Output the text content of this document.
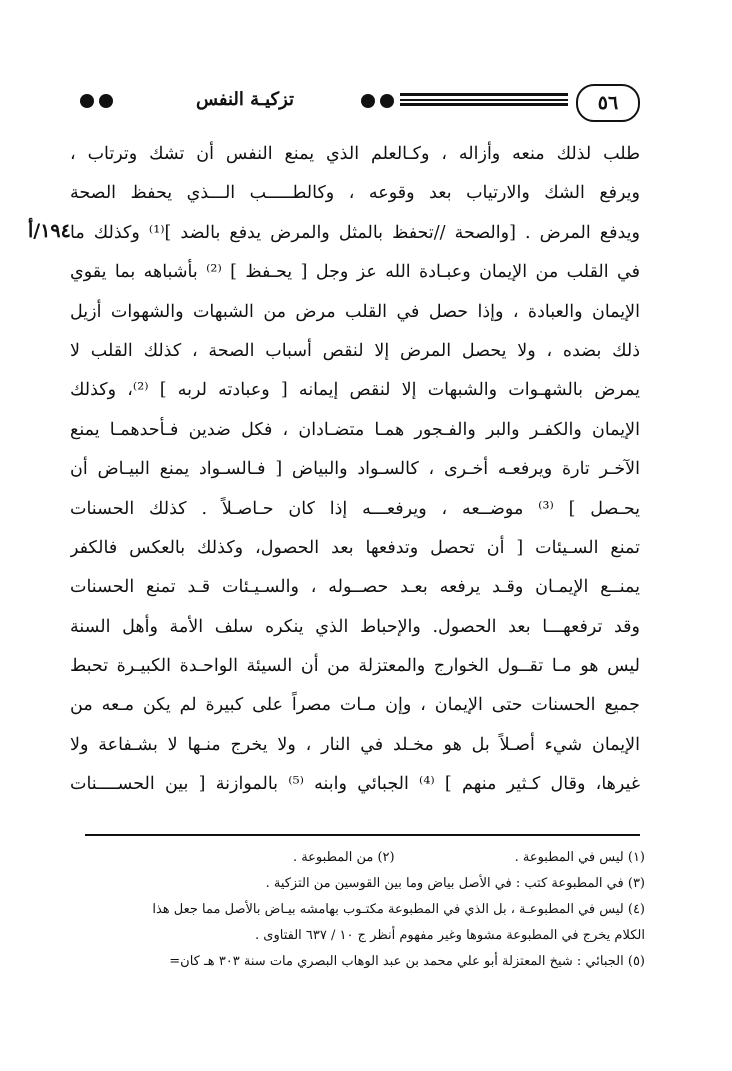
٥٦
تزكيـة النفس
١٩٤/أ
طلب لذلك منعه وأزاله ، وكـالعلم الذي يمنع النفس أن تشك وترتاب ،
ويرفع الشك والارتياب بعد وقوعه ، وكالطـــــب الـــذي يحفظ الصحة
ويدفع المرض . [والصحة //تحفظ بالمثل والمرض يدفع بالضد ]⁽¹⁾ وكذلك ما
في القلب من الإيمان وعبـادة الله عز وجل [ يحـفظ ] ⁽²⁾ بأشباهه بما يقوي
الإيمان والعبادة ، وإذا حصل في القلب مرض من الشبهات والشهوات أزيل
ذلك بضده ، ولا يحصل المرض إلا لنقص أسباب الصحة ، كذلك القلب لا
يمرض بالشهـوات والشبهات إلا لنقص إيمانه [ وعبادته لربه ] ⁽²⁾، وكذلك
الإيمان والكفـر والبر والفـجور همـا متضـادان ، فكل ضدين فـأحدهمـا يمنع
الآخـر تارة ويرفعـه أخـرى ، كالسـواد والبياض [ فـالسـواد يمنع البيـاض أن
يحـصل ] ⁽³⁾ موضــعه ، ويرفعـــه إذا كان حـاصـلاً . كذلك الحسنات
تمنع السـيئات [ أن تحصل وتدفعها بعد الحصول، وكذلك بالعكس فالكفر
يمنــع الإيمـان وقـد يرفعه بعـد حصــوله ، والسـيـئات قـد تمنع الحسنات
وقد ترفعهـــا بعد الحصول. والإحباط الذي ينكره سلف الأمة وأهل السنة
ليس هو مـا تقــول الخوارج والمعتزلة من أن السيئة الواحـدة الكبيـرة تحبط
جميع الحسنات حتى الإيمان ، وإن مـات مصراً على كبيرة لم يكن مـعه من
الإيمان شيء أصـلاً بل هو مخـلد في النار ، ولا يخرج منـها لا بشـفاعة ولا
غيرها، وقال كـثير منهم ] ⁽⁴⁾ الجبائي وابنه ⁽⁵⁾ بالموازنة [ بين الحســــنات
(١) ليس في المطبوعة .
(٢) من المطبوعة .
(٣) في المطبوعة كتب : في الأصل بياض وما بين القوسين من التزكية .
(٤) ليس في المطبوعـة ، بل الذي في المطبوعة مكتـوب بهامشه بيـاض بالأصل مما جعل هذا
الكلام يخرج في المطبوعة مشوها وغير مفهوم أنظر ج ١٠ / ٦٣٧ الفتاوى .
(٥) الجبائي : شيخ المعتزلة أبو علي محمد بن عبد الوهاب البصري مات سنة ٣٠٣ هـ كان=
